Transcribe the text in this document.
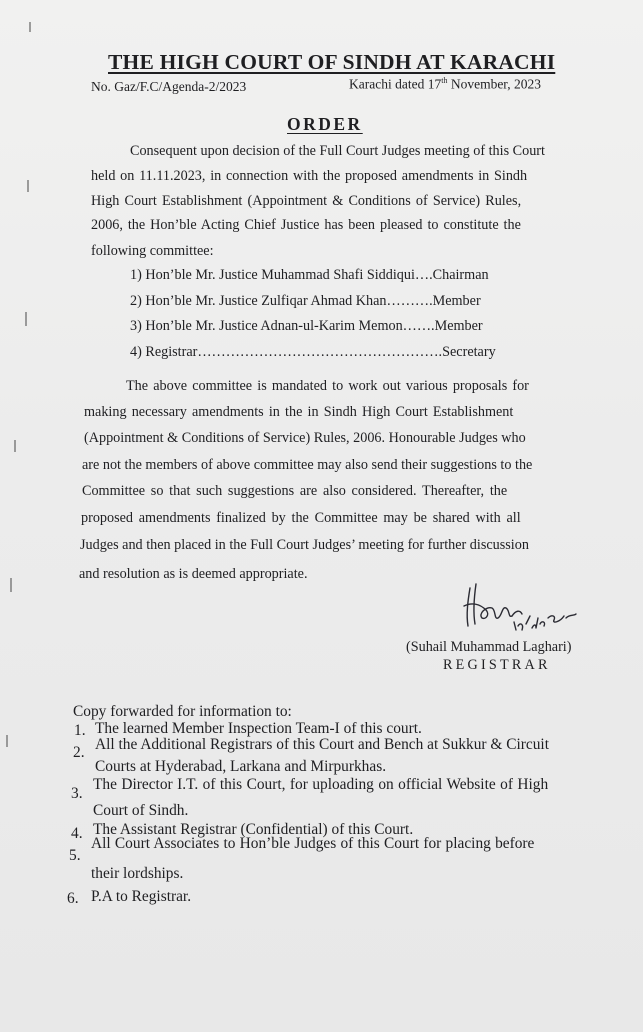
THE HIGH COURT OF SINDH AT KARACHI
No. Gaz/F.C/Agenda-2/2023	Karachi dated 17th November, 2023
ORDER
Consequent upon decision of the Full Court Judges meeting of this Court
held on 11.11.2023, in connection with the proposed amendments in Sindh
High Court Establishment (Appointment & Conditions of Service) Rules,
2006, the Hon’ble Acting Chief Justice has been pleased to constitute the
following committee:
1) Hon’ble Mr. Justice Muhammad Shafi Siddiqui….Chairman
2) Hon’ble Mr. Justice Zulfiqar Ahmad Khan……….Member
3) Hon’ble Mr. Justice Adnan-ul-Karim Memon…….Member
4) Registrar…………………………………………….Secretary
The above committee is mandated to work out various proposals for
making necessary amendments in the in Sindh High Court Establishment
(Appointment & Conditions of Service) Rules, 2006. Honourable Judges who
are not the members of above committee may also send their suggestions to the
Committee so that such suggestions are also considered. Thereafter, the
proposed amendments finalized by the Committee may be shared with all
Judges and then placed in the Full Court Judges’ meeting for further discussion
and resolution as is deemed appropriate.
(Suhail Muhammad Laghari)
REGISTRAR
Copy forwarded for information to:
1. The learned Member Inspection Team-I of this court.
2. All the Additional Registrars of this Court and Bench at Sukkur & Circuit
Courts at Hyderabad, Larkana and Mirpurkhas.
3.
The Director I.T. of this Court, for uploading on official Website of High
Court of Sindh.
4. The Assistant Registrar (Confidential) of this Court.
5.
All Court Associates to Hon’ble Judges of this Court for placing before
their lordships.
6. P.A to Registrar.
